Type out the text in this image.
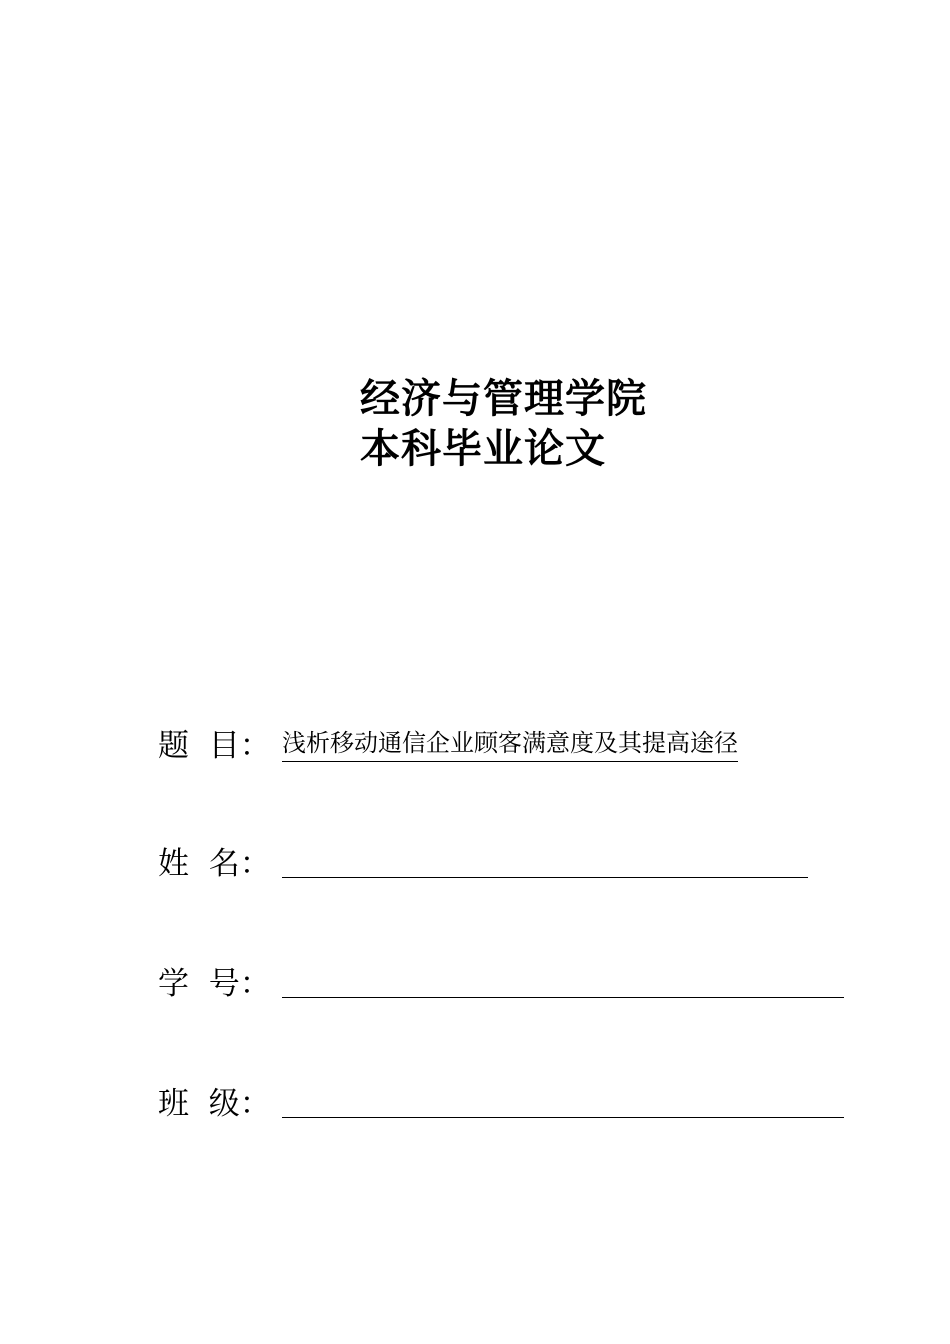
经济与管理学院
本科毕业论文
题  目： 浅析移动通信企业顾客满意度及其提高途径
姓  名：
学  号：
班  级：
